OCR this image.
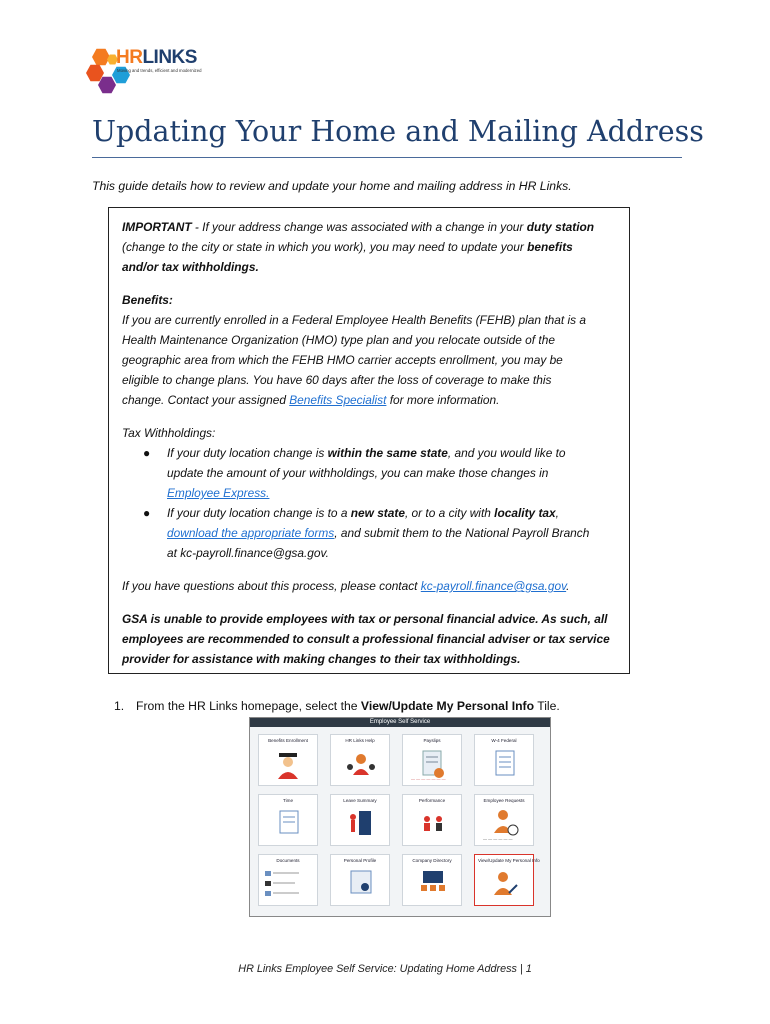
HRLINKS
Moving and trends, efficient and modernized
Updating Your Home and Mailing Address
This guide details how to review and update your home and mailing address in HR Links.
IMPORTANT - If your address change was associated with a change in your duty station
(change to the city or state in which you work), you may need to update your benefits
and/or tax withholdings.
Benefits:
If you are currently enrolled in a Federal Employee Health Benefits (FEHB) plan that is a
Health Maintenance Organization (HMO) type plan and you relocate outside of the
geographic area from which the FEHB HMO carrier accepts enrollment, you may be
eligible to change plans. You have 60 days after the loss of coverage to make this
change. Contact your assigned Benefits Specialist for more information.
Tax Withholdings:
● If your duty location change is within the same state, and you would like to
update the amount of your withholdings, you can make those changes in
Employee Express.
● If your duty location change is to a new state, or to a city with locality tax,
download the appropriate forms, and submit them to the National Payroll Branch
at kc-payroll.finance@gsa.gov.
If you have questions about this process, please contact kc-payroll.finance@gsa.gov.
GSA is unable to provide employees with tax or personal financial advice. As such, all
employees are recommended to consult a professional financial adviser or tax service
provider for assistance with making changes to their tax withholdings.
1. From the HR Links homepage, select the View/Update My Personal Info Tile.
Employee Self Service
Benefits Enrollment	HR Links Help	Payslips
— — — — — — —
W-4 Federal
Time	Leave Summary	Performance	Employee Requests
— — — — — —
Documents	Personal Profile	Company Directory	View/Update My Personal Info
HR Links Employee Self Service: Updating Home Address | 1
